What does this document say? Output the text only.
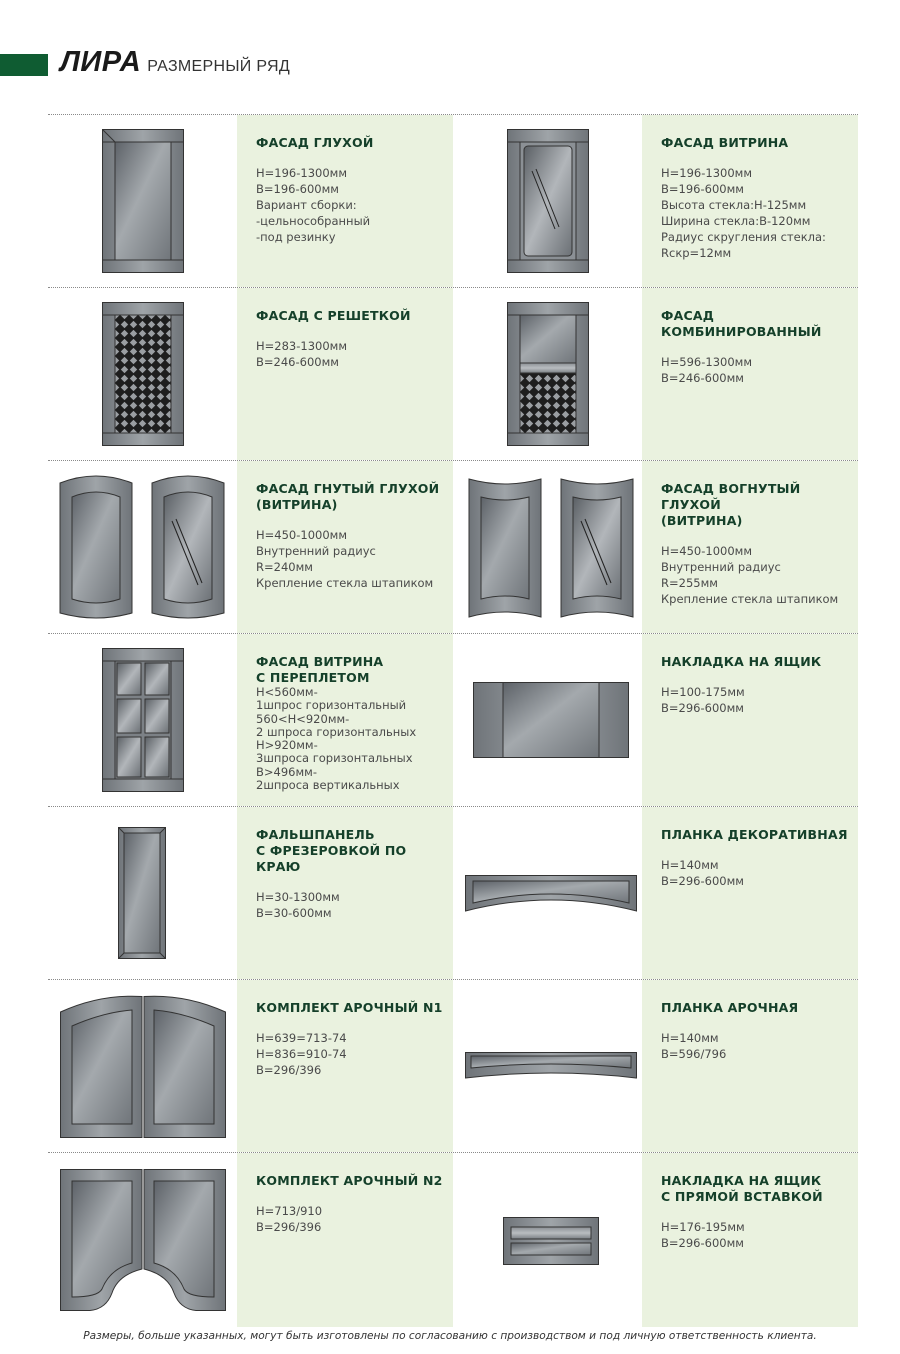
ЛИРА РАЗМЕРНЫЙ РЯД
ФАСАД ГЛУХОЙ
Н=196-1300мм
В=196-600мм
Вариант сборки:
-цельнособранный
-под резинку
ФАСАД ВИТРИНА
Н=196-1300мм
В=196-600мм
Высота стекла:Н-125мм
Ширина стекла:В-120мм
Радиус скругления стекла:
Rскр=12мм
ФАСАД С РЕШЕТКОЙ
Н=283-1300мм
В=246-600мм
ФАСАД
КОМБИНИРОВАННЫЙ
Н=596-1300мм
В=246-600мм
ФАСАД ГНУТЫЙ ГЛУХОЙ
(ВИТРИНА)
Н=450-1000мм
Внутренний радиус
R=240мм
Крепление стекла штапиком
ФАСАД ВОГНУТЫЙ ГЛУХОЙ
(ВИТРИНА)
Н=450-1000мм
Внутренний радиус
R=255мм
Крепление стекла штапиком
ФАСАД ВИТРИНА
С ПЕРЕПЛЕТОМ
Н<560мм-
1шпрос горизонтальный
560<Н<920мм-
2 шпроса горизонтальных
Н>920мм-
3шпроса горизонтальных
В>496мм-
2шпроса вертикальных
НАКЛАДКА НА ЯЩИК
Н=100-175мм
В=296-600мм
ФАЛЬШПАНЕЛЬ
С ФРЕЗЕРОВКОЙ ПО КРАЮ
Н=30-1300мм
В=30-600мм
ПЛАНКА ДЕКОРАТИВНАЯ
Н=140мм
В=296-600мм
КОМПЛЕКТ АРОЧНЫЙ N1
Н=639=713-74
Н=836=910-74
В=296/396
ПЛАНКА АРОЧНАЯ
Н=140мм
В=596/796
КОМПЛЕКТ АРОЧНЫЙ N2
Н=713/910
В=296/396
НАКЛАДКА НА ЯЩИК
С ПРЯМОЙ ВСТАВКОЙ
Н=176-195мм
В=296-600мм
Размеры, больше указанных, могут быть изготовлены по согласованию с производством и под личную ответственность клиента.
